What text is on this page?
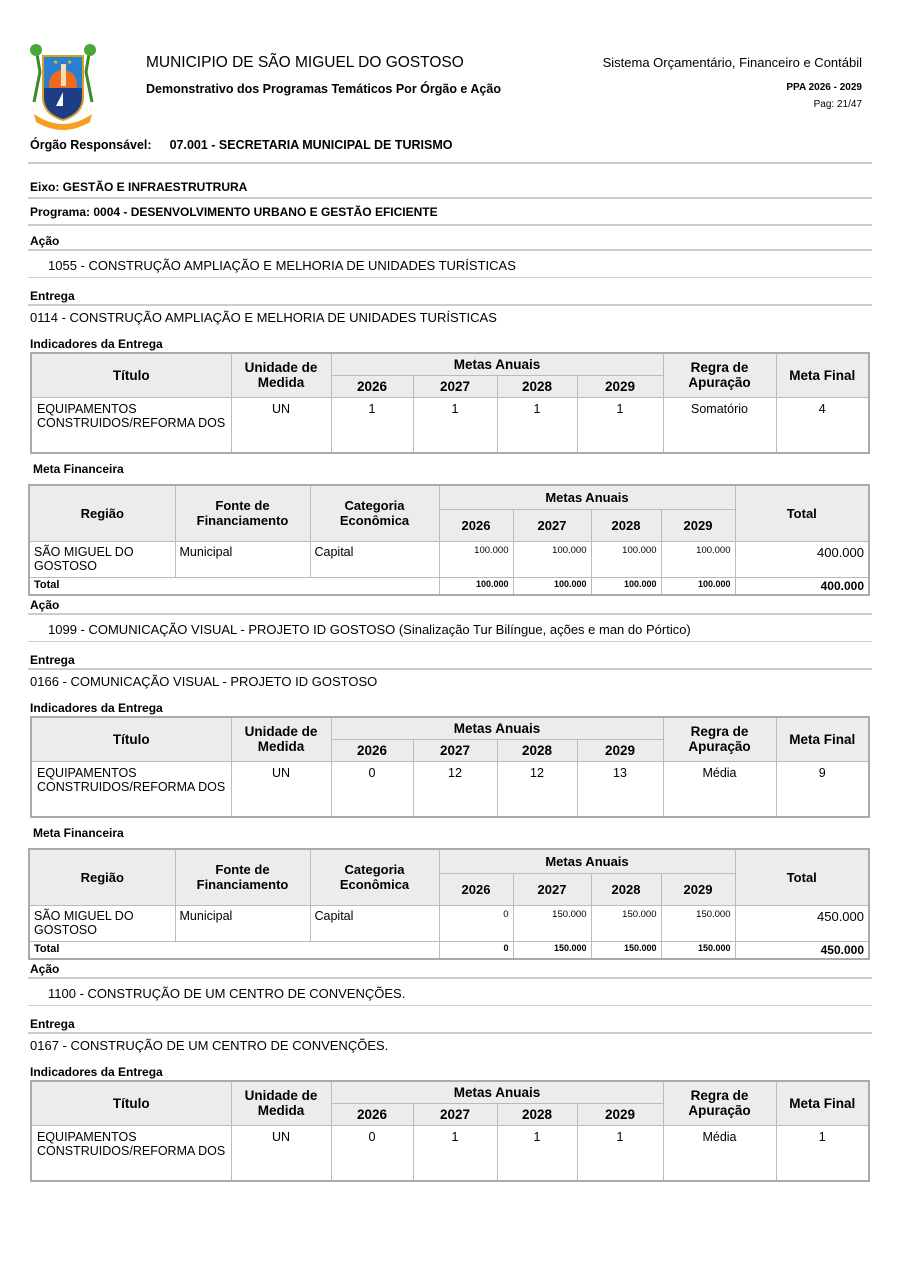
★ ★	MUNICIPIO DE SÃO MIGUEL DO GOSTOSO
Demonstrativo dos Programas Temáticos Por Órgão e Ação
Sistema Orçamentário, Financeiro e Contábil
PPA 2026 - 2029
Pag: 21/47
Órgão Responsável: 07.001 - SECRETARIA MUNICIPAL DE TURISMO
Eixo: GESTÃO E INFRAESTRUTRURA
Programa: 0004 - DESENVOLVIMENTO URBANO E GESTÃO EFICIENTE
Ação
1055 - CONSTRUÇÃO AMPLIAÇÃO E MELHORIA DE UNIDADES TURÍSTICAS
Entrega
0114 - CONSTRUÇÃO AMPLIAÇÃO E MELHORIA DE UNIDADES TURÍSTICAS
Indicadores da Entrega
Título	Unidade de Medida	Metas Anuais				Regra de Apuração	Meta Final
		2026	2027	2028	2029		
EQUIPAMENTOS CONSTRUIDOS/REFORMA DOS	UN	1	1	1	1	Somatório	4
Meta Financeira
Região	Fonte de Financiamento	Categoria Econômica	Metas Anuais				Total
			2026	2027	2028	2029	
SÃO MIGUEL DO GOSTOSO	Municipal	Capital	100.000	100.000	100.000	100.000	400.000
Total			100.000	100.000	100.000	100.000	400.000
Ação
1099 - COMUNICAÇÃO VISUAL - PROJETO ID GOSTOSO (Sinalização Tur Bilíngue, ações e man do Pórtico)
Entrega
0166 - COMUNICAÇÃO VISUAL - PROJETO ID GOSTOSO
Indicadores da Entrega
Título	Unidade de Medida	Metas Anuais				Regra de Apuração	Meta Final
		2026	2027	2028	2029		
EQUIPAMENTOS CONSTRUIDOS/REFORMA DOS	UN	0	12	12	13	Média	9
Meta Financeira
Região	Fonte de Financiamento	Categoria Econômica	Metas Anuais				Total
			2026	2027	2028	2029	
SÃO MIGUEL DO GOSTOSO	Municipal	Capital	0	150.000	150.000	150.000	450.000
Total			0	150.000	150.000	150.000	450.000
Ação
1100 - CONSTRUÇÃO DE UM CENTRO DE CONVENÇÕES.
Entrega
0167 - CONSTRUÇÃO DE UM CENTRO DE CONVENÇÕES.
Indicadores da Entrega
Título	Unidade de Medida	Metas Anuais				Regra de Apuração	Meta Final
		2026	2027	2028	2029		
EQUIPAMENTOS CONSTRUIDOS/REFORMA DOS	UN	0	1	1	1	Média	1
